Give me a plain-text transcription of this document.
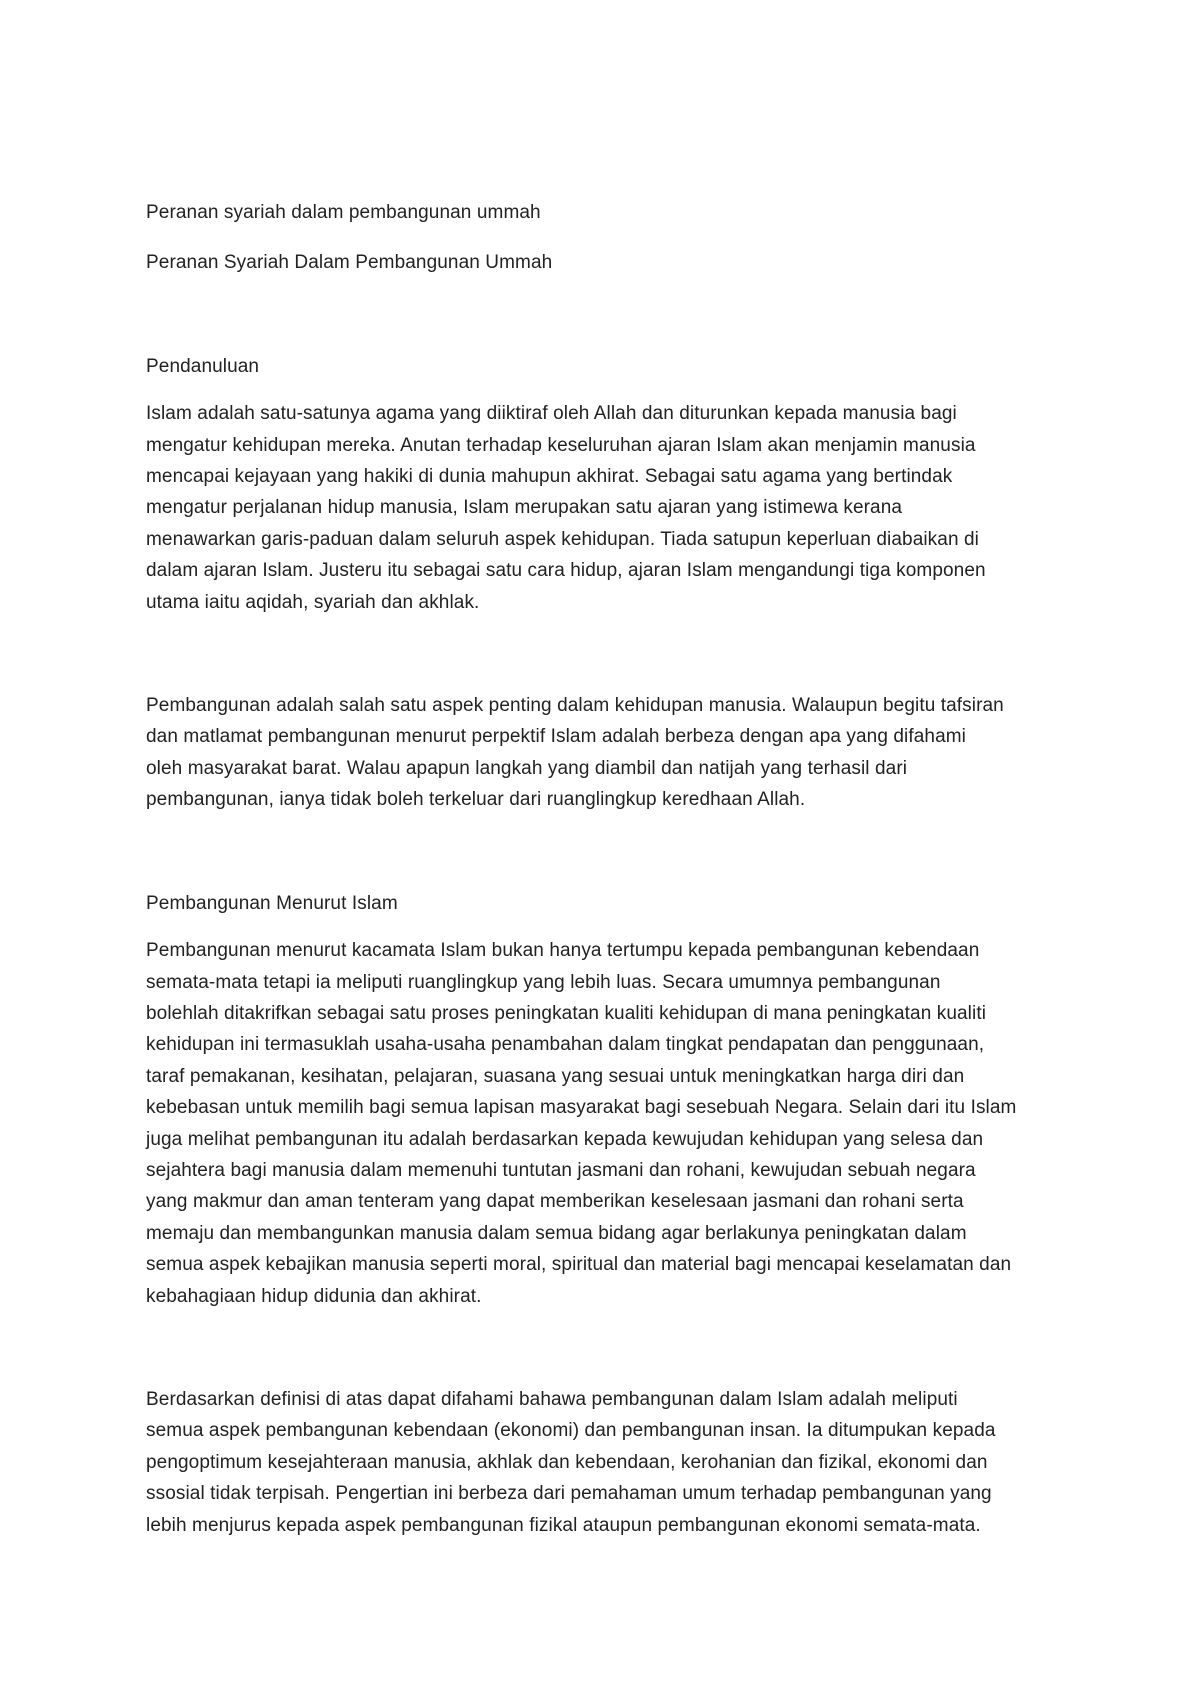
Peranan syariah dalam pembangunan ummah

Peranan Syariah Dalam Pembangunan Ummah

Pendanuluan

Islam adalah satu-satunya agama yang diiktiraf oleh Allah dan diturunkan kepada manusia bagi
mengatur kehidupan mereka. Anutan terhadap keseluruhan ajaran Islam akan menjamin manusia
mencapai kejayaan yang hakiki di dunia mahupun akhirat. Sebagai satu agama yang bertindak
mengatur perjalanan hidup manusia, Islam merupakan satu ajaran yang istimewa kerana
menawarkan garis-paduan dalam seluruh aspek kehidupan. Tiada satupun keperluan diabaikan di
dalam ajaran Islam. Justeru itu sebagai satu cara hidup, ajaran Islam mengandungi tiga komponen
utama iaitu aqidah, syariah dan akhlak.
Pembangunan adalah salah satu aspek penting dalam kehidupan manusia. Walaupun begitu tafsiran
dan matlamat pembangunan menurut perpektif Islam adalah berbeza dengan apa yang difahami
oleh masyarakat barat. Walau apapun langkah yang diambil dan natijah yang terhasil dari
pembangunan, ianya tidak boleh terkeluar dari ruanglingkup keredhaan Allah.

Pembangunan Menurut Islam

Pembangunan menurut kacamata Islam bukan hanya tertumpu kepada pembangunan kebendaan
semata-mata tetapi ia meliputi ruanglingkup yang lebih luas. Secara umumnya pembangunan
bolehlah ditakrifkan sebagai satu proses peningkatan kualiti kehidupan di mana peningkatan kualiti
kehidupan ini termasuklah usaha-usaha penambahan dalam tingkat pendapatan dan penggunaan,
taraf pemakanan, kesihatan, pelajaran, suasana yang sesuai untuk meningkatkan harga diri dan
kebebasan untuk memilih bagi semua lapisan masyarakat bagi sesebuah Negara. Selain dari itu Islam
juga melihat pembangunan itu adalah berdasarkan kepada kewujudan kehidupan yang selesa dan
sejahtera bagi manusia dalam memenuhi tuntutan jasmani dan rohani, kewujudan sebuah negara
yang makmur dan aman tenteram yang dapat memberikan keselesaan jasmani dan rohani serta
memaju dan membangunkan manusia dalam semua bidang agar berlakunya peningkatan dalam
semua aspek kebajikan manusia seperti moral, spiritual dan material bagi mencapai keselamatan dan
kebahagiaan hidup didunia dan akhirat.
Berdasarkan definisi di atas dapat difahami bahawa pembangunan dalam Islam adalah meliputi
semua aspek pembangunan kebendaan (ekonomi) dan pembangunan insan. Ia ditumpukan kepada
pengoptimum kesejahteraan manusia, akhlak dan kebendaan, kerohanian dan fizikal, ekonomi dan
ssosial tidak terpisah. Pengertian ini berbeza dari pemahaman umum terhadap pembangunan yang
lebih menjurus kepada aspek pembangunan fizikal ataupun pembangunan ekonomi semata-mata.
